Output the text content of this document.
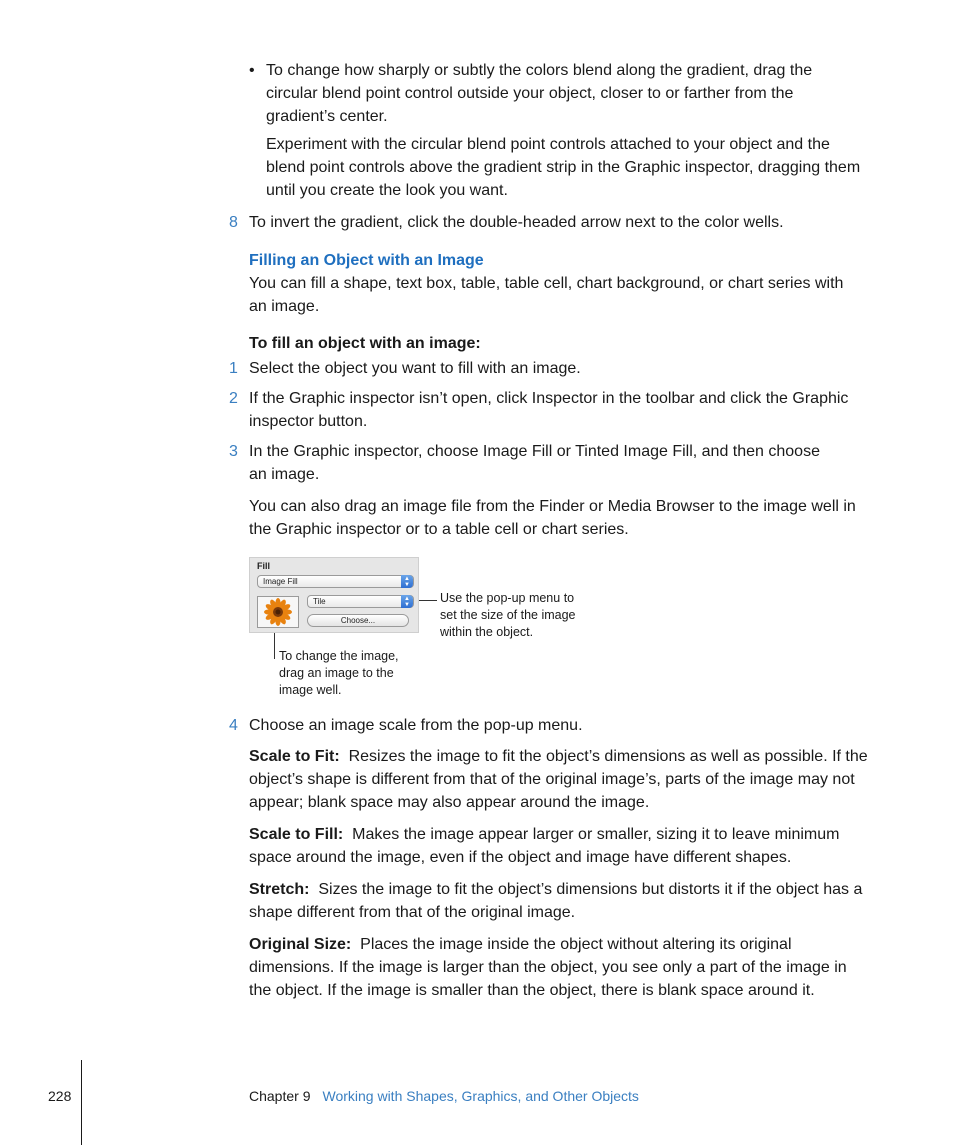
• To change how sharply or subtly the colors blend along the gradient, drag the circular blend point control outside your object, closer to or farther from the gradient’s center.

Experiment with the circular blend point controls attached to your object and the blend point controls above the gradient strip in the Graphic inspector, dragging them until you create the look you want.

8 To invert the gradient, click the double-headed arrow next to the color wells.

Filling an Object with an Image

You can fill a shape, text box, table, table cell, chart background, or chart series with an image.

To fill an object with an image:

1 Select the object you want to fill with an image.

2 If the Graphic inspector isn’t open, click Inspector in the toolbar and click the Graphic inspector button.

3 In the Graphic inspector, choose Image Fill or Tinted Image Fill, and then choose an image.

You can also drag an image file from the Finder or Media Browser to the image well in the Graphic inspector or to a table cell or chart series.

Fill
Image Fill	▲
▼
Tile	▲
▼
Choose...
Use the pop-up menu to set the size of the image within the object.
To change the image, drag an image to the image well.
4 Choose an image scale from the pop-up menu.

Scale to Fit: Resizes the image to fit the object’s dimensions as well as possible. If the object’s shape is different from that of the original image’s, parts of the image may not appear; blank space may also appear around the image.

Scale to Fill: Makes the image appear larger or smaller, sizing it to leave minimum space around the image, even if the object and image have different shapes.

Stretch: Sizes the image to fit the object’s dimensions but distorts it if the object has a shape different from that of the original image.

Original Size: Places the image inside the object without altering its original dimensions. If the image is larger than the object, you see only a part of the image in the object. If the image is smaller than the object, there is blank space around it.

228	Chapter 9 Working with Shapes, Graphics, and Other Objects
